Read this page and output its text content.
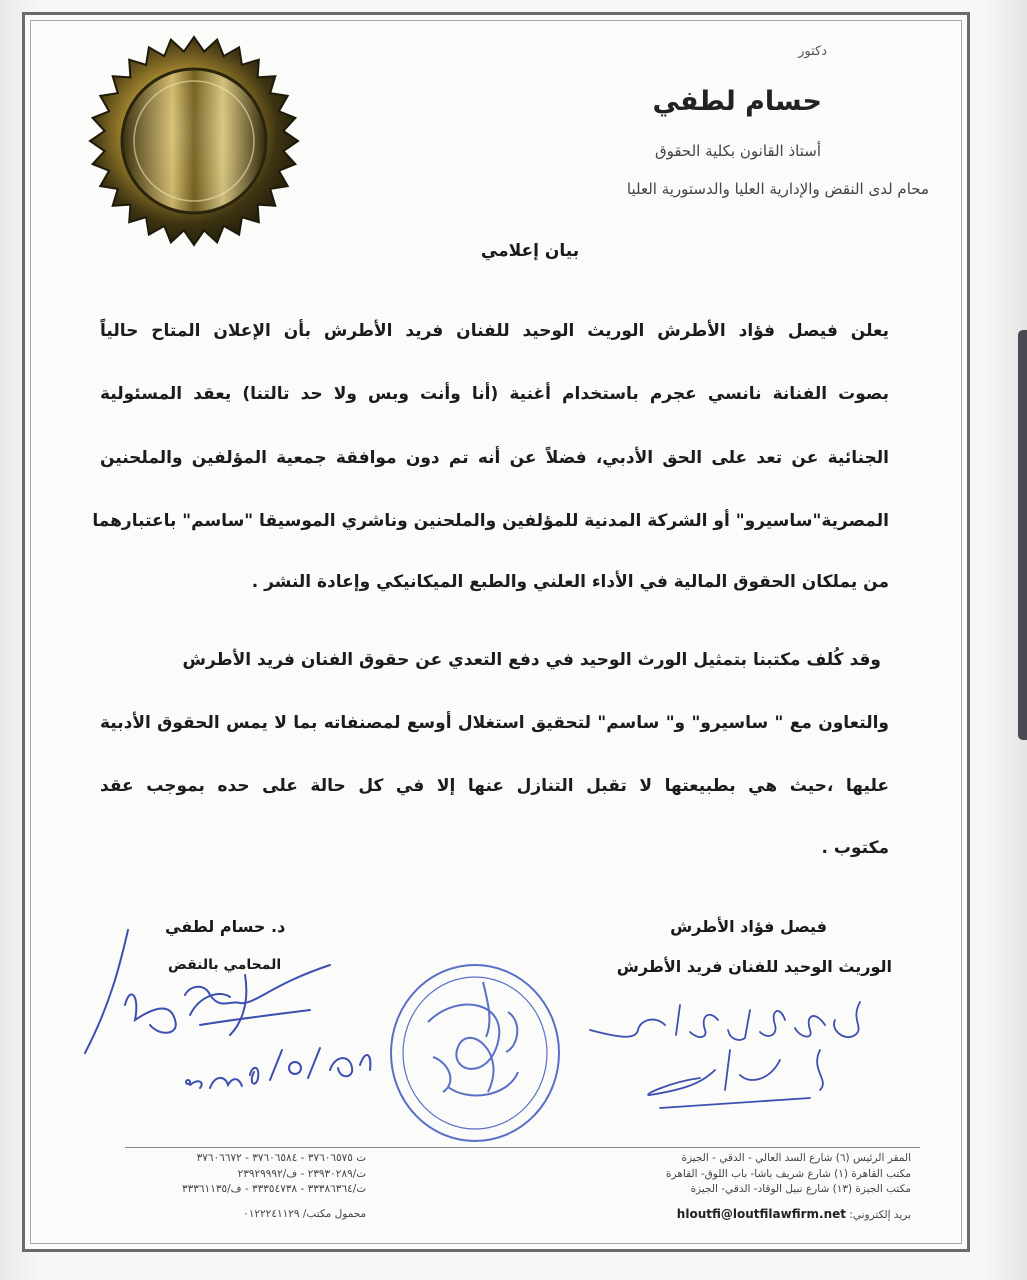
دكتور
حسام لطفي
أستاذ القانون بكلية الحقوق
محام لدى النقض والإدارية العليا والدستورية العليا
بيان إعلامي
يعلن فيصل فؤاد الأطرش الوريث الوحيد للفنان فريد الأطرش بأن الإعلان المتاح حالياً
بصوت الفنانة نانسي عجرم باستخدام أغنية (أنا وأنت وبس ولا حد تالتنا) يعقد المسئولية
الجنائية عن تعد على الحق الأدبي، فضلاً عن أنه تم دون موافقة جمعية المؤلفين والملحنين
المصرية"ساسيرو" أو الشركة المدنية للمؤلفين والملحنين وناشري الموسيقا "ساسم" باعتبارهما
من يملكان الحقوق المالية في الأداء العلني والطبع الميكانيكي وإعادة النشر .
وقد كُلف مكتبنا بتمثيل الورث الوحيد في دفع التعدي عن حقوق الفنان فريد الأطرش
والتعاون مع " ساسيرو" و" ساسم" لتحقيق استغلال أوسع لمصنفاته بما لا يمس الحقوق الأدبية
عليها ،حيث هي بطبيعتها لا تقبل التنازل عنها إلا في كل حالة على حده بموجب عقد
مكتوب .
فيصل فؤاد الأطرش
الوريث الوحيد للفنان فريد الأطرش
د. حسام لطفي
المحامي بالنقض
المقر الرئيس (٦) شارع السد العالي - الدقي - الجيزة
مكتب القاهرة (١) شارع شريف باشا- باب اللوق- القاهرة
مكتب الجيزة (١٣) شارع نبيل الوقاد- الدقي- الجيزة
بريد إلكتروني: hloutfi@loutfilawfirm.net
ت ٣٧٦٠٦٥٧٥ - ٣٧٦٠٦٥٨٤ - ٣٧٦٠٦٦٧٢
ت/٢٣٩٣٠٢٨٩ - ف/٢٣٩٢٩٩٩٢
ت/٣٣٣٨٦٣٦٤ - ٣٣٣٥٤٧٣٨ - ف/٣٣٣٦١١٣٥
محمول مكتب/ ٠١٢٢٢٤١١٢٩
